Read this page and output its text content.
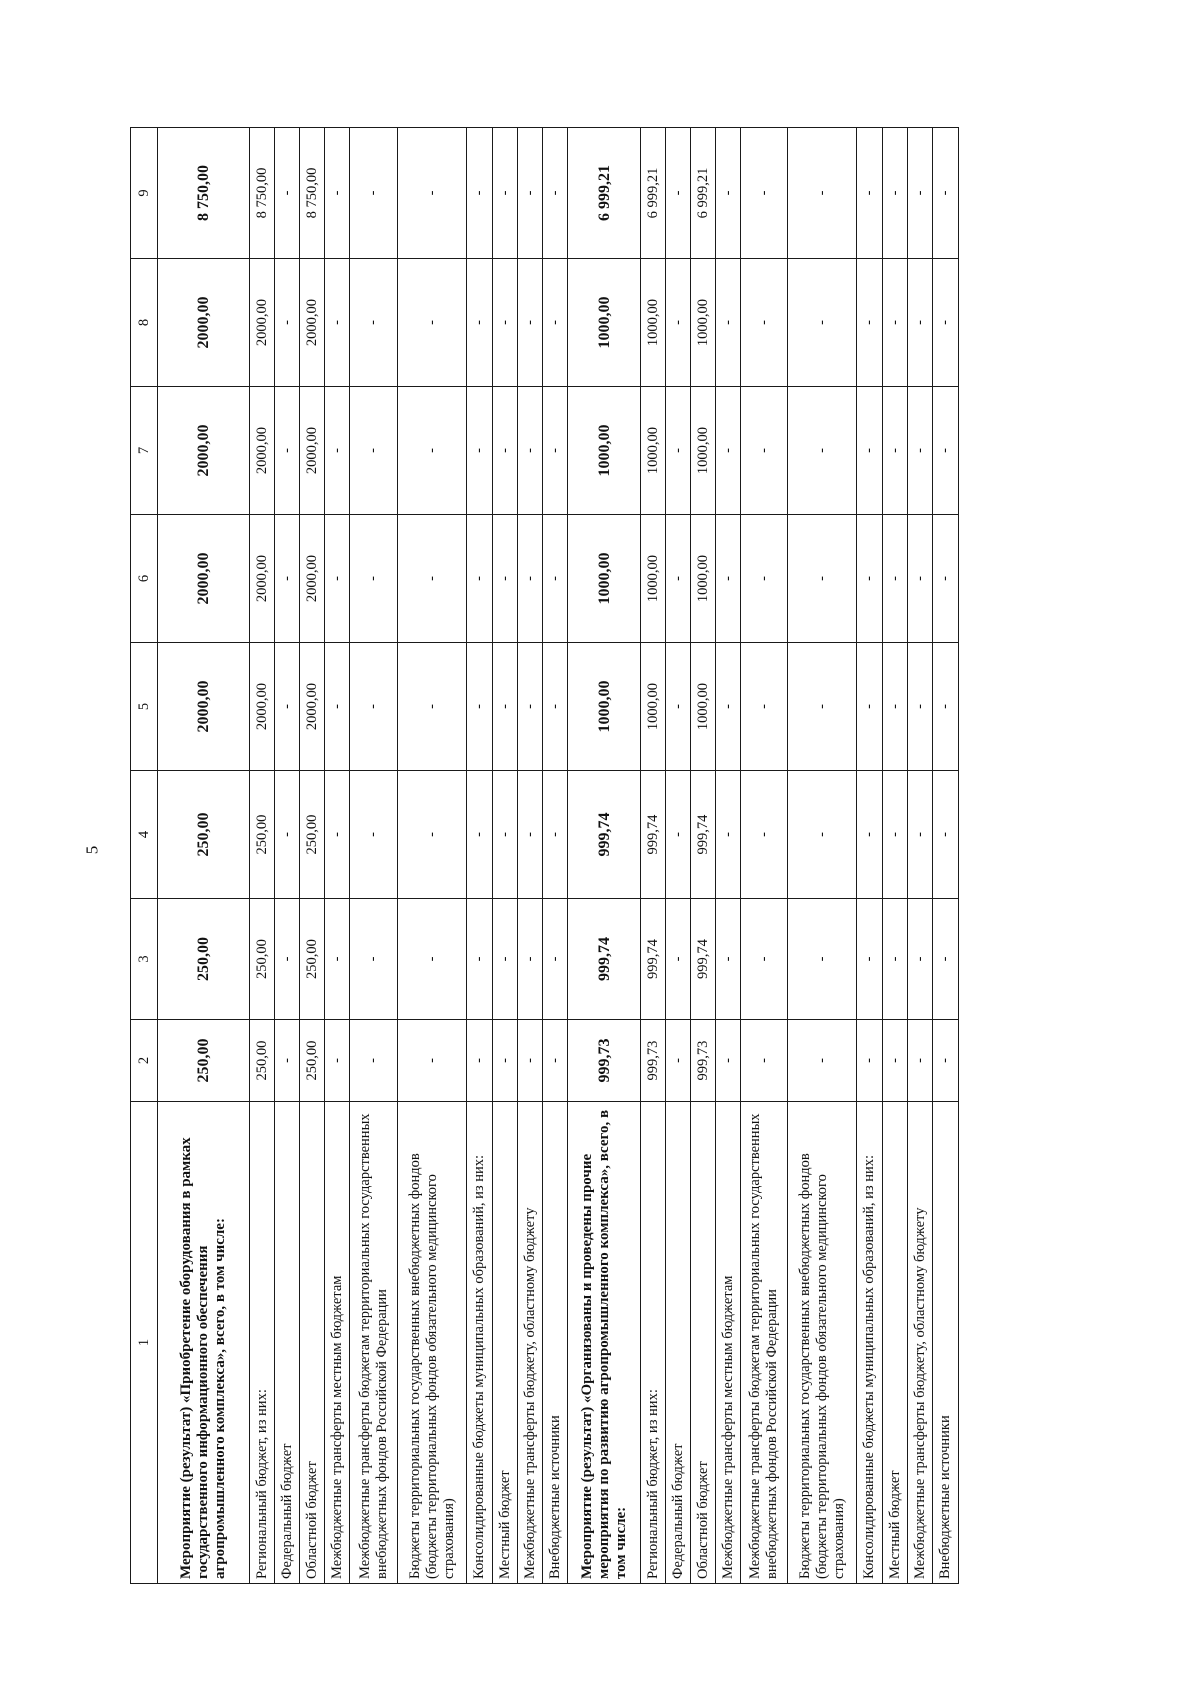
5
1	2	3	4	5	6	7	8	9
Мероприятие (результат) «Приобретение оборудования в рамках государственного информационного обеспечения агропромышленного комплекса», всего, в том числе:	250,00	250,00	250,00	2000,00	2000,00	2000,00	2000,00	8 750,00
Региональный бюджет, из них:	250,00	250,00	250,00	2000,00	2000,00	2000,00	2000,00	8 750,00
Федеральный бюджет	-	-	-	-	-	-	-	-
Областной бюджет	250,00	250,00	250,00	2000,00	2000,00	2000,00	2000,00	8 750,00
Межбюджетные трансферты местным бюджетам	-	-	-	-	-	-	-	-
Межбюджетные трансферты бюджетам территориальных государственных внебюджетных фондов Российской Федерации	-	-	-	-	-	-	-	-
Бюджеты территориальных государственных внебюджетных фондов (бюджеты территориальных фондов обязательного медицинского страхования)	-	-	-	-	-	-	-	-
Консолидированные бюджеты муниципальных образований, из них:	-	-	-	-	-	-	-	-
Местный бюджет	-	-	-	-	-	-	-	-
Межбюджетные трансферты бюджету, областному бюджету	-	-	-	-	-	-	-	-
Внебюджетные источники	-	-	-	-	-	-	-	-
Мероприятие (результат) «Организованы и проведены прочие мероприятия по развитию агропромышленного комплекса», всего, в том числе:	999,73	999,74	999,74	1000,00	1000,00	1000,00	1000,00	6 999,21
Региональный бюджет, из них:	999,73	999,74	999,74	1000,00	1000,00	1000,00	1000,00	6 999,21
Федеральный бюджет	-	-	-	-	-	-	-	-
Областной бюджет	999,73	999,74	999,74	1000,00	1000,00	1000,00	1000,00	6 999,21
Межбюджетные трансферты местным бюджетам	-	-	-	-	-	-	-	-
Межбюджетные трансферты бюджетам территориальных государственных внебюджетных фондов Российской Федерации	-	-	-	-	-	-	-	-
Бюджеты территориальных государственных внебюджетных фондов (бюджеты территориальных фондов обязательного медицинского страхования)	-	-	-	-	-	-	-	-
Консолидированные бюджеты муниципальных образований, из них:	-	-	-	-	-	-	-	-
Местный бюджет	-	-	-	-	-	-	-	-
Межбюджетные трансферты бюджету, областному бюджету	-	-	-	-	-	-	-	-
Внебюджетные источники	-	-	-	-	-	-	-	-
